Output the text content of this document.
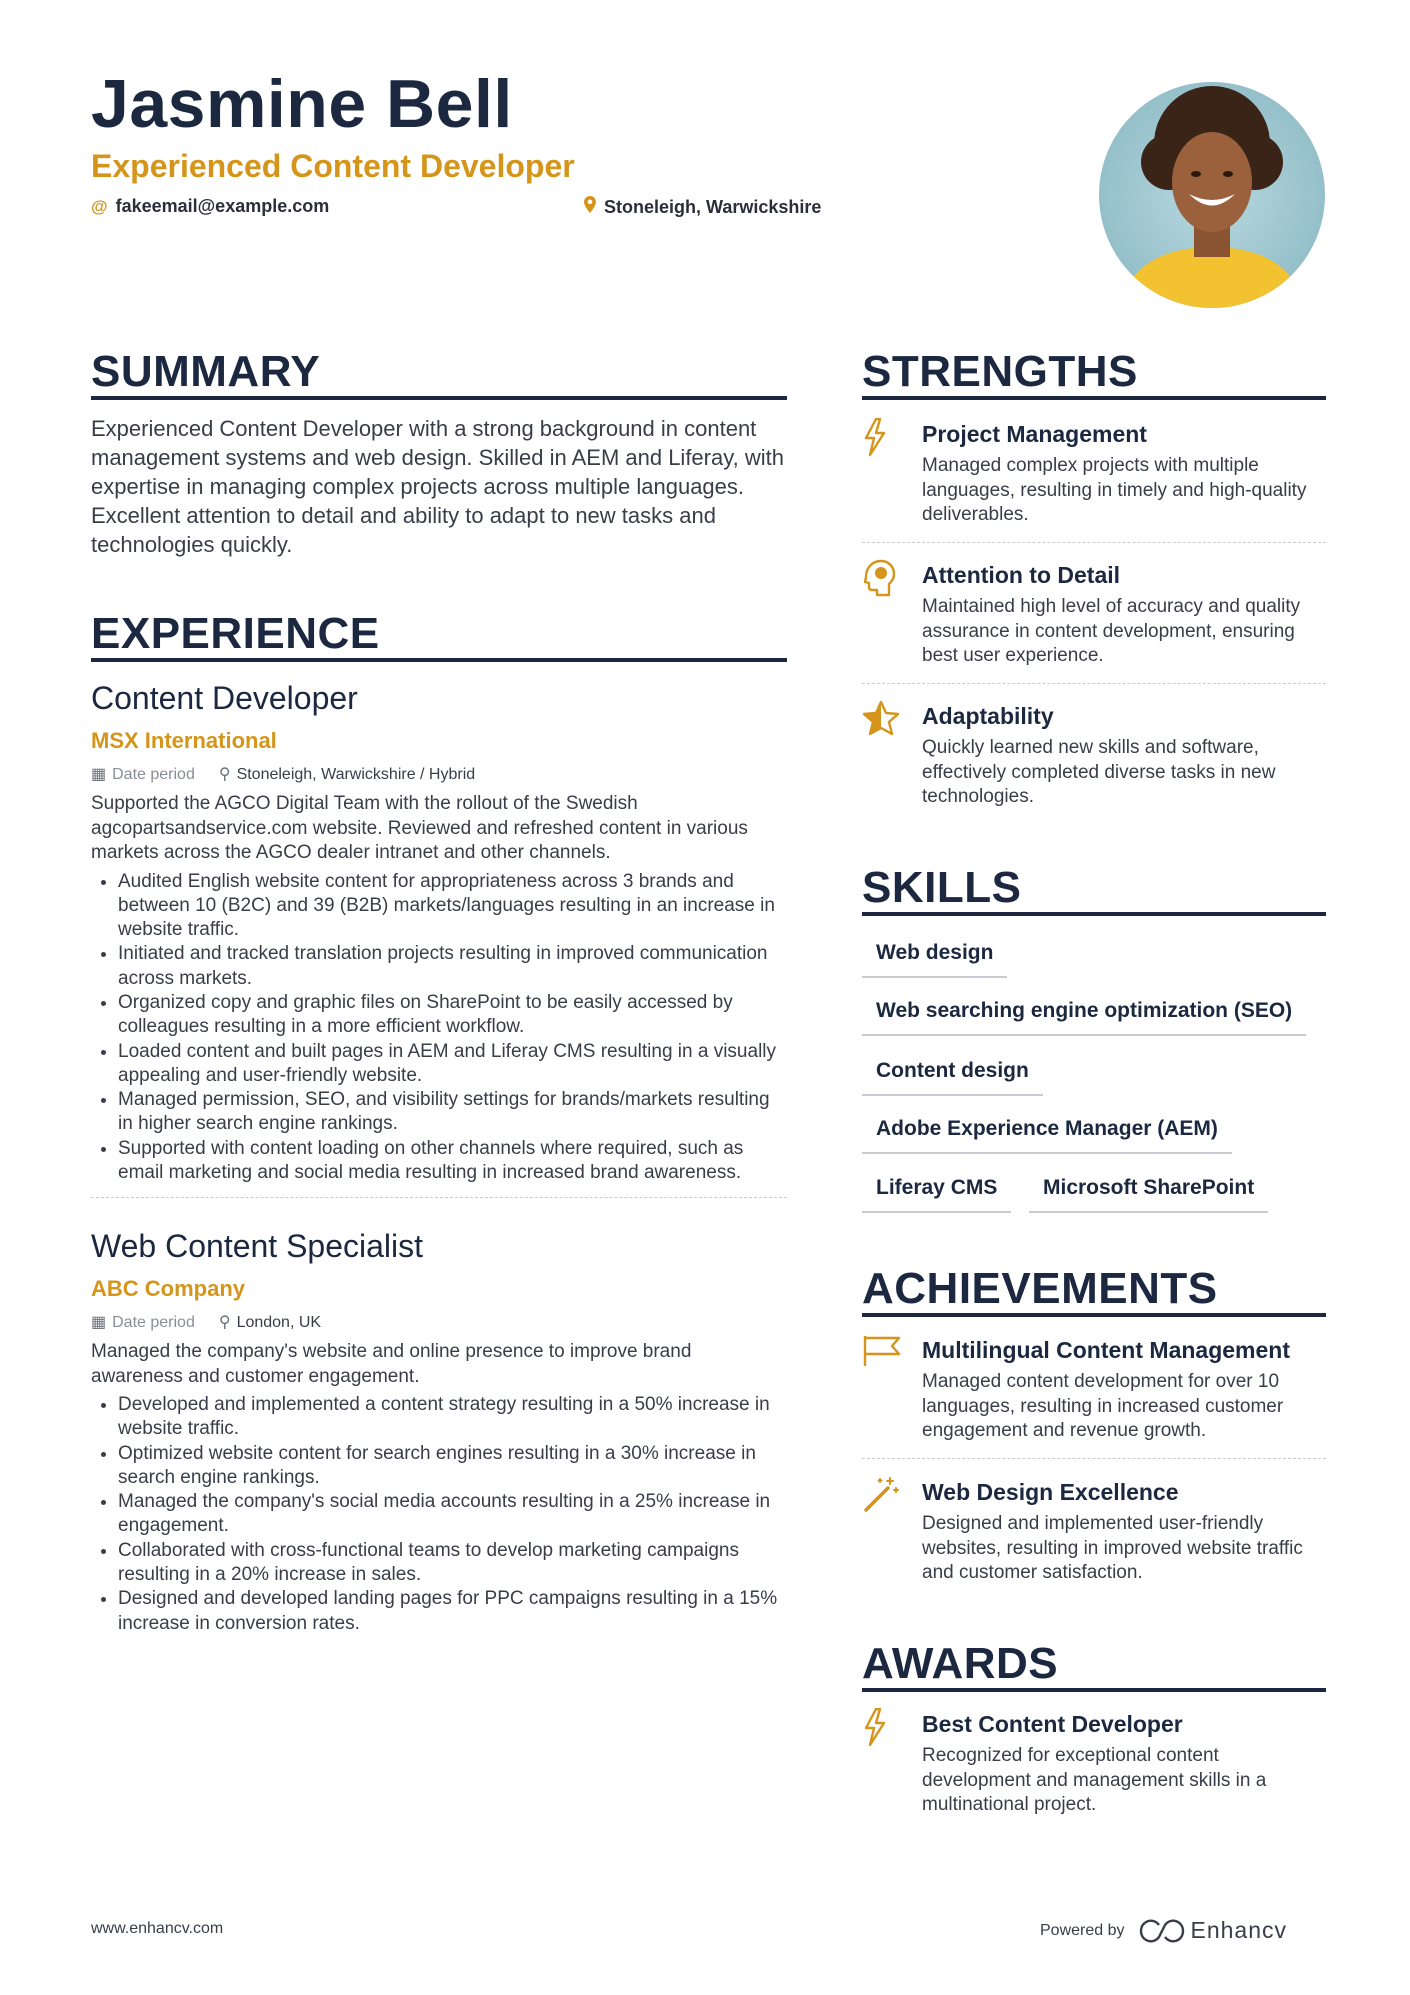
Jasmine Bell
Experienced Content Developer
@ fakeemail@example.com	Stoneleigh, Warwickshire
SUMMARY
Experienced Content Developer with a strong background in content management systems and web design. Skilled in AEM and Liferay, with expertise in managing complex projects across multiple languages. Excellent attention to detail and ability to adapt to new tasks and technologies quickly.
EXPERIENCE
Content Developer
MSX International
▦ Date period ⚲ Stoneleigh, Warwickshire / Hybrid
Supported the AGCO Digital Team with the rollout of the Swedish agcopartsandservice.com website. Reviewed and refreshed content in various markets across the AGCO dealer intranet and other channels.
• Audited English website content for appropriateness across 3 brands and between 10 (B2C) and 39 (B2B) markets/languages resulting in an increase in website traffic.
• Initiated and tracked translation projects resulting in improved communication across markets.
• Organized copy and graphic files on SharePoint to be easily accessed by colleagues resulting in a more efficient workflow.
• Loaded content and built pages in AEM and Liferay CMS resulting in a visually appealing and user-friendly website.
• Managed permission, SEO, and visibility settings for brands/markets resulting in higher search engine rankings.
• Supported with content loading on other channels where required, such as email marketing and social media resulting in increased brand awareness.
Web Content Specialist
ABC Company
▦ Date period ⚲ London, UK
Managed the company's website and online presence to improve brand awareness and customer engagement.
• Developed and implemented a content strategy resulting in a 50% increase in website traffic.
• Optimized website content for search engines resulting in a 30% increase in search engine rankings.
• Managed the company's social media accounts resulting in a 25% increase in engagement.
• Collaborated with cross-functional teams to develop marketing campaigns resulting in a 20% increase in sales.
• Designed and developed landing pages for PPC campaigns resulting in a 15% increase in conversion rates.
STRENGTHS
Project Management
Managed complex projects with multiple languages, resulting in timely and high-quality deliverables.
Attention to Detail
Maintained high level of accuracy and quality assurance in content development, ensuring best user experience.
Adaptability
Quickly learned new skills and software, effectively completed diverse tasks in new technologies.
SKILLS
Web design
Web searching engine optimization (SEO)
Content design
Adobe Experience Manager (AEM)
Liferay CMS	Microsoft SharePoint
ACHIEVEMENTS
Multilingual Content Management
Managed content development for over 10 languages, resulting in increased customer engagement and revenue growth.
Web Design Excellence
Designed and implemented user-friendly websites, resulting in improved website traffic and customer satisfaction.
AWARDS
Best Content Developer
Recognized for exceptional content development and management skills in a multinational project.
www.enhancv.com	Powered by	Enhancv
